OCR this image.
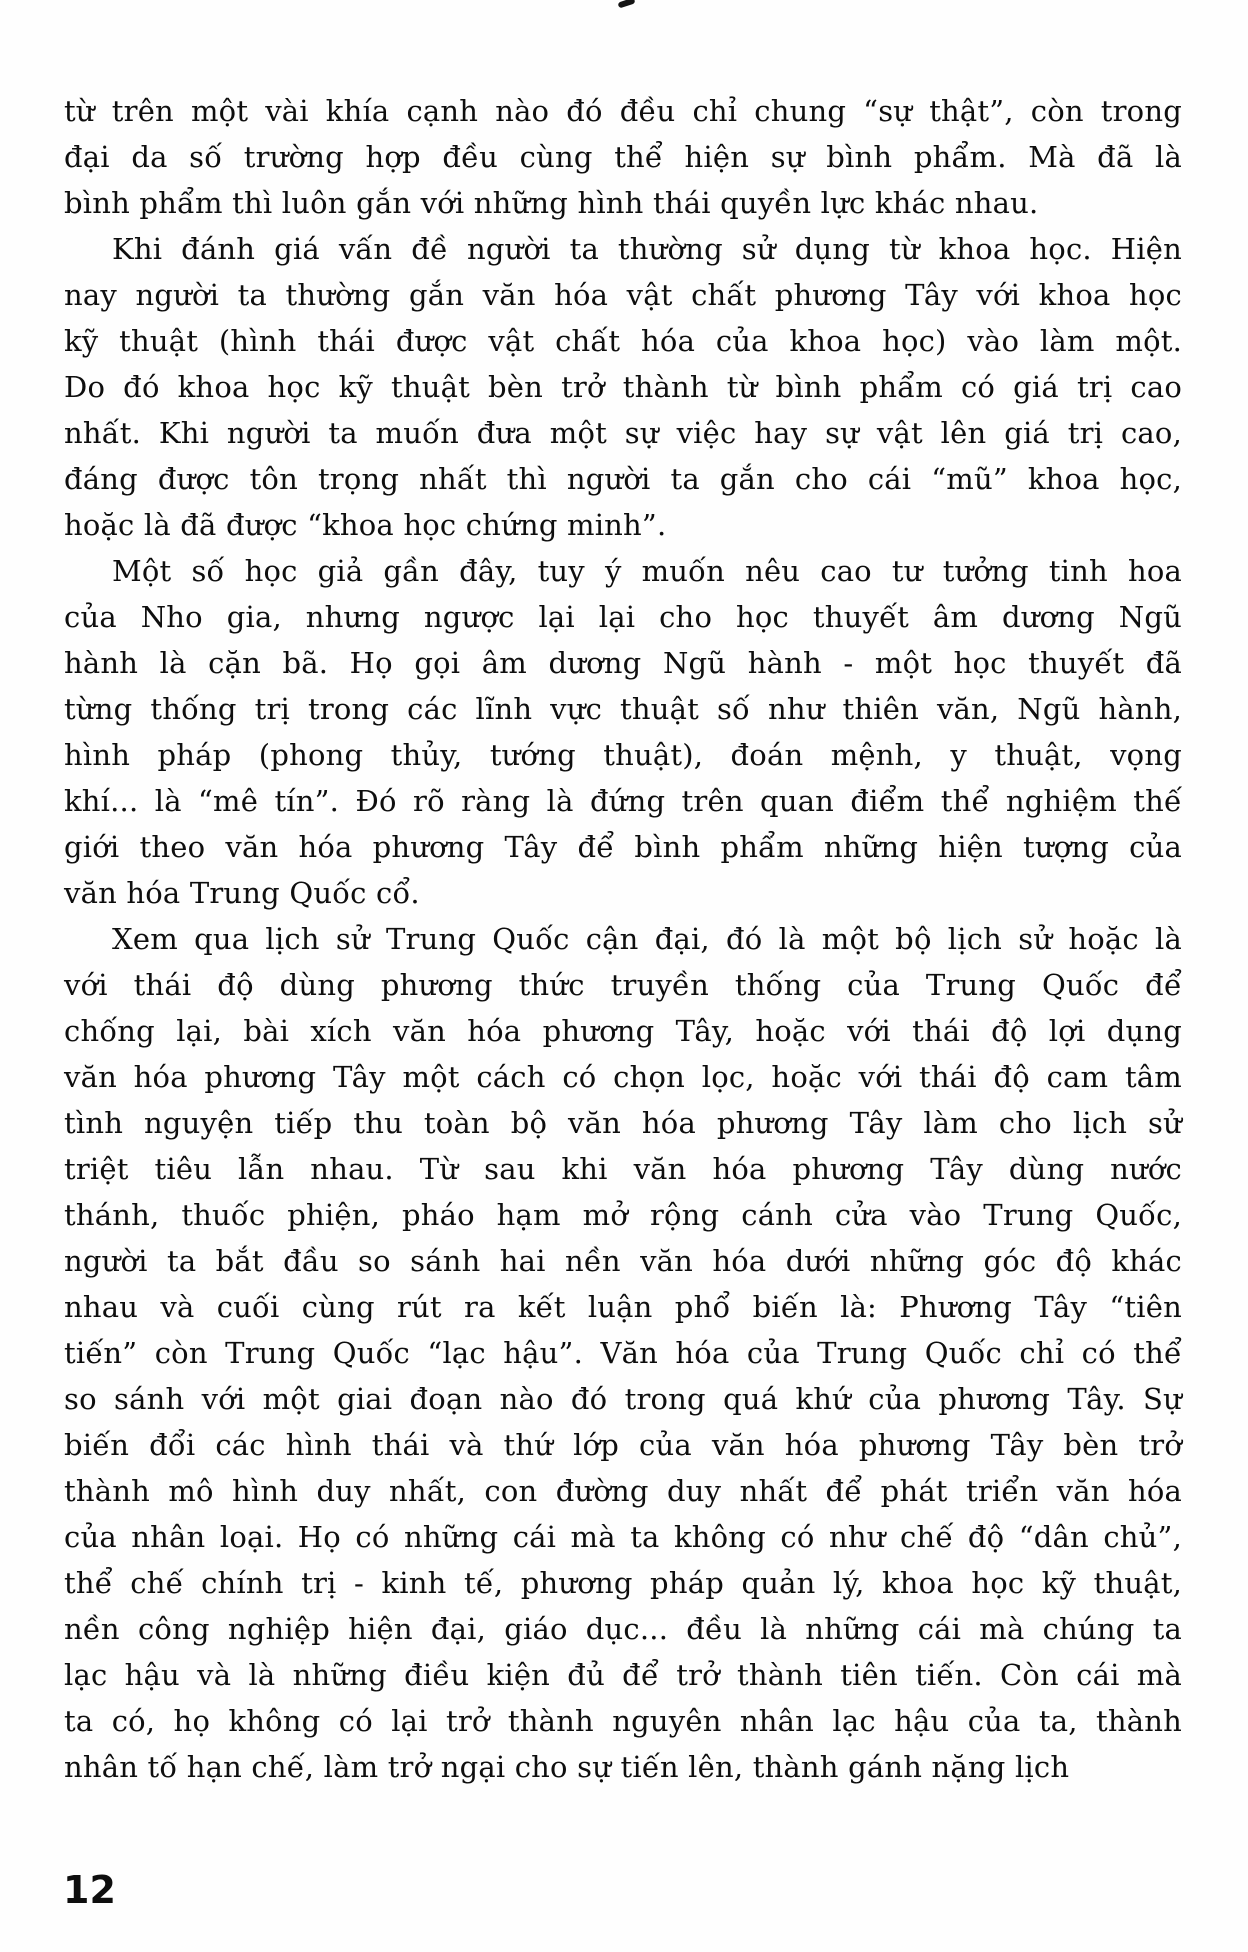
từ trên một vài khía cạnh nào đó đều chỉ chung “sự thật”, còn trong
đại da số trường hợp đều cùng thể hiện sự bình phẩm. Mà đã là
bình phẩm thì luôn gắn với những hình thái quyền lực khác nhau.
Khi đánh giá vấn đề người ta thường sử dụng từ khoa học. Hiện
nay người ta thường gắn văn hóa vật chất phương Tây với khoa học
kỹ thuật (hình thái được vật chất hóa của khoa học) vào làm một.
Do đó khoa học kỹ thuật bèn trở thành từ bình phẩm có giá trị cao
nhất. Khi người ta muốn đưa một sự việc hay sự vật lên giá trị cao,
đáng được tôn trọng nhất thì người ta gắn cho cái “mũ” khoa học,
hoặc là đã được “khoa học chứng minh”.
Một số học giả gần đây, tuy ý muốn nêu cao tư tưởng tinh hoa
của Nho gia, nhưng ngược lại lại cho học thuyết âm dương Ngũ
hành là cặn bã. Họ gọi âm dương Ngũ hành - một học thuyết đã
từng thống trị trong các lĩnh vực thuật số như thiên văn, Ngũ hành,
hình pháp (phong thủy, tướng thuật), đoán mệnh, y thuật, vọng
khí... là “mê tín”. Đó rõ ràng là đứng trên quan điểm thể nghiệm thế
giới theo văn hóa phương Tây để bình phẩm những hiện tượng của
văn hóa Trung Quốc cổ.
Xem qua lịch sử Trung Quốc cận đại, đó là một bộ lịch sử hoặc là
với thái độ dùng phương thức truyền thống của Trung Quốc để
chống lại, bài xích văn hóa phương Tây, hoặc với thái độ lợi dụng
văn hóa phương Tây một cách có chọn lọc, hoặc với thái độ cam tâm
tình nguyện tiếp thu toàn bộ văn hóa phương Tây làm cho lịch sử
triệt tiêu lẫn nhau. Từ sau khi văn hóa phương Tây dùng nước
thánh, thuốc phiện, pháo hạm mở rộng cánh cửa vào Trung Quốc,
người ta bắt đầu so sánh hai nền văn hóa dưới những góc độ khác
nhau và cuối cùng rút ra kết luận phổ biến là: Phương Tây “tiên
tiến” còn Trung Quốc “lạc hậu”. Văn hóa của Trung Quốc chỉ có thể
so sánh với một giai đoạn nào đó trong quá khứ của phương Tây. Sự
biến đổi các hình thái và thứ lớp của văn hóa phương Tây bèn trở
thành mô hình duy nhất, con đường duy nhất để phát triển văn hóa
của nhân loại. Họ có những cái mà ta không có như chế độ “dân chủ”,
thể chế chính trị - kinh tế, phương pháp quản lý, khoa học kỹ thuật,
nền công nghiệp hiện đại, giáo dục... đều là những cái mà chúng ta
lạc hậu và là những điều kiện đủ để trở thành tiên tiến. Còn cái mà
ta có, họ không có lại trở thành nguyên nhân lạc hậu của ta, thành
nhân tố hạn chế, làm trở ngại cho sự tiến lên, thành gánh nặng lịch
12
